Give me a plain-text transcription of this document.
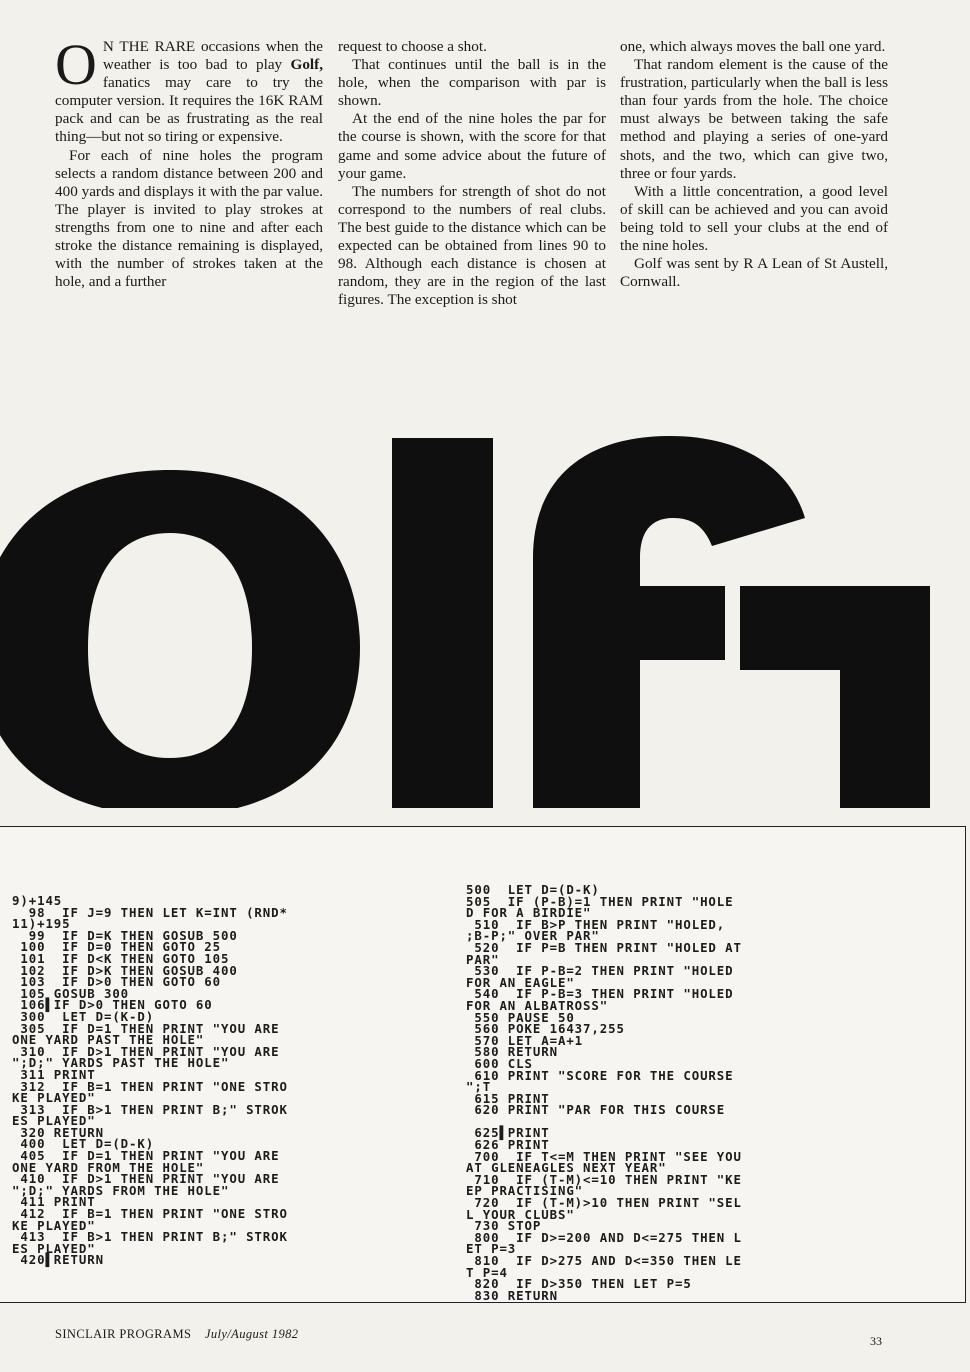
O N THE RARE occasions when the weather is too bad to play Golf, fanatics may care to try the computer version. It requires the 16K RAM pack and can be as frustrating as the real thing—but not so tiring or expensive.

For each of nine holes the program selects a random distance between 200 and 400 yards and displays it with the par value. The player is invited to play strokes at strengths from one to nine and after each stroke the distance remaining is displayed, with the number of strokes taken at the hole, and a further

request to choose a shot.

That continues until the ball is in the hole, when the comparison with par is shown.

At the end of the nine holes the par for the course is shown, with the score for that game and some advice about the future of your game.

The numbers for strength of shot do not correspond to the numbers of real clubs. The best guide to the distance which can be expected can be obtained from lines 90 to 98. Although each distance is chosen at random, they are in the region of the last figures. The exception is shot

one, which always moves the ball one yard.

That random element is the cause of the frustration, particularly when the ball is less than four yards from the hole. The choice must always be between taking the safe method and playing a series of one-yard shots, and the two, which can give two, three or four yards.

With a little concentration, a good level of skill can be achieved and you can avoid being told to sell your clubs at the end of the nine holes.

Golf was sent by R A Lean of St Austell, Cornwall.

9)+145
98  IF J=9 THEN LET K=INT (RND*
11)+195
99  IF D=K THEN GOSUB 500
100  IF D=0 THEN GOTO 25
101  IF D<K THEN GOTO 105
102  IF D>K THEN GOSUB 400
103  IF D>0 THEN GOTO 60
105 GOSUB 300
106▌IF D>0 THEN GOTO 60
300  LET D=(K-D)
305  IF D=1 THEN PRINT "YOU ARE
ONE YARD PAST THE HOLE"
310  IF D>1 THEN PRINT "YOU ARE
";D;" YARDS PAST THE HOLE"
311 PRINT
312  IF B=1 THEN PRINT "ONE STRO
KE PLAYED"
313  IF B>1 THEN PRINT B;" STROK
ES PLAYED"
320 RETURN
400  LET D=(D-K)
405  IF D=1 THEN PRINT "YOU ARE
ONE YARD FROM THE HOLE"
410  IF D>1 THEN PRINT "YOU ARE
";D;" YARDS FROM THE HOLE"
411 PRINT
412  IF B=1 THEN PRINT "ONE STRO
KE PLAYED"
413  IF B>1 THEN PRINT B;" STROK
ES PLAYED"
420▌RETURN
500  LET D=(D-K)
505  IF (P-B)=1 THEN PRINT "HOLE
D FOR A BIRDIE"
510  IF B>P THEN PRINT "HOLED,
;B-P;" OVER PAR"
520  IF P=B THEN PRINT "HOLED AT
PAR"
530  IF P-B=2 THEN PRINT "HOLED
FOR AN EAGLE"
540  IF P-B=3 THEN PRINT "HOLED
FOR AN ALBATROSS"
550 PAUSE 50
560 POKE 16437,255
570 LET A=A+1
580 RETURN
600 CLS
610 PRINT "SCORE FOR THE COURSE
";T
615 PRINT
620 PRINT "PAR FOR THIS COURSE

625▌PRINT
626 PRINT
700  IF T<=M THEN PRINT "SEE YOU
AT GLENEAGLES NEXT YEAR"
710  IF (T-M)<=10 THEN PRINT "KE
EP PRACTISING"
720  IF (T-M)>10 THEN PRINT "SEL
L YOUR CLUBS"
730 STOP
800  IF D>=200 AND D<=275 THEN L
ET P=3
810  IF D>275 AND D<=350 THEN LE
T P=4
820  IF D>350 THEN LET P=5
830 RETURN
SINCLAIR PROGRAMS July/August 1982	33
